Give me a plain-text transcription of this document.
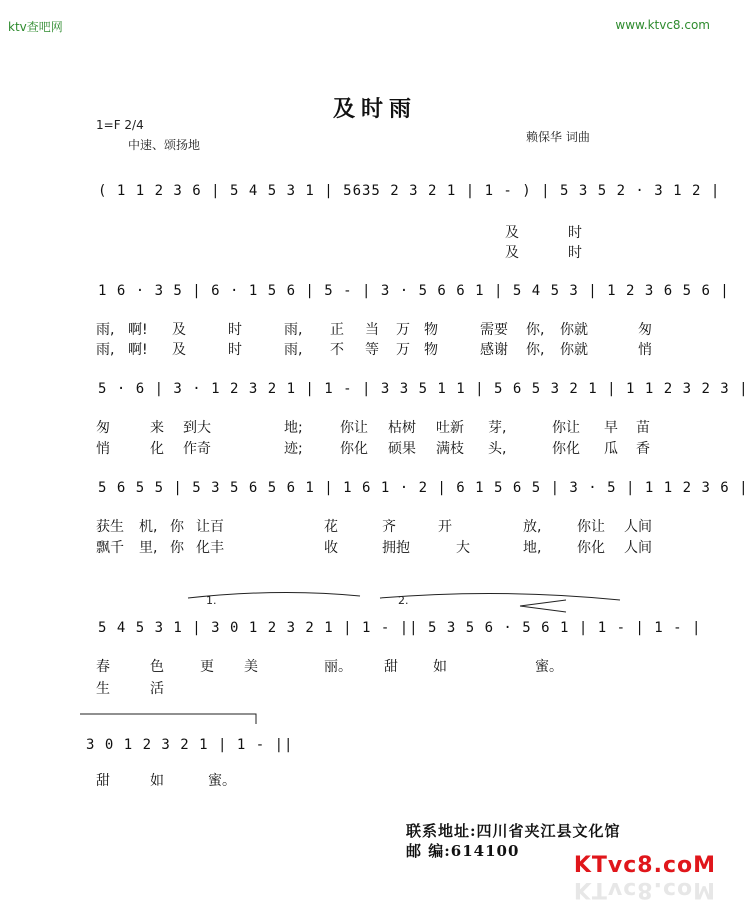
ktv查吧网	www.ktvc8.com
及时雨
1=F 2/4
中速、颂扬地
赖保华 词曲
( 1 1 2 3 6 | 5 4 5 3 1 | 5635 2 3 2 1 | 1 - ) | 5 3 5 2 · 3 1 2 |
及	时
及	时
1 6 · 3 5 | 6 · 1 5 6 | 5 - | 3 · 5 6 6 1 | 5 4 5 3 | 1 2 3 6 5 6 |
雨, 啊! 及	时	雨, 正 当 万 物	需要 你, 你就	匆
雨, 啊! 及	时	雨, 不 等 万 物	感谢 你, 你就	悄
5 · 6 | 3 · 1 2 3 2 1 | 1 - | 3 3 5 1 1 | 5 6 5 3 2 1 | 1 1 2 3 2 3 |
匆	来 到大	地;	你让 枯树 吐新 芽,	你让 早 苗
悄	化 作奇	迹;	你化 硕果 满枝 头,	你化 瓜 香
5 6 5 5 | 5 3 5 6 5 6 1 | 1 6 1 · 2 | 6 1 5 6 5 | 3 · 5 | 1 1 2 3 6 |
获生 机, 你 让百	花	齐	开	放,	你让 人间
飘千 里, 你 化丰	收	拥抱	大	地,	你化 人间
1.	2.
5 4 5 3 1 | 3 0 1 2 3 2 1 | 1 - || 5 3 5 6 · 5 6 1 | 1 - | 1 - |
春	色	更 美	丽。 甜	如	蜜。
生	活
3 0 1 2 3 2 1 | 1 - ||
甜	如	蜜。
联系地址:四川省夹江县文化馆
邮 编:614100
KTvc8.coM
KTvc8.coM
